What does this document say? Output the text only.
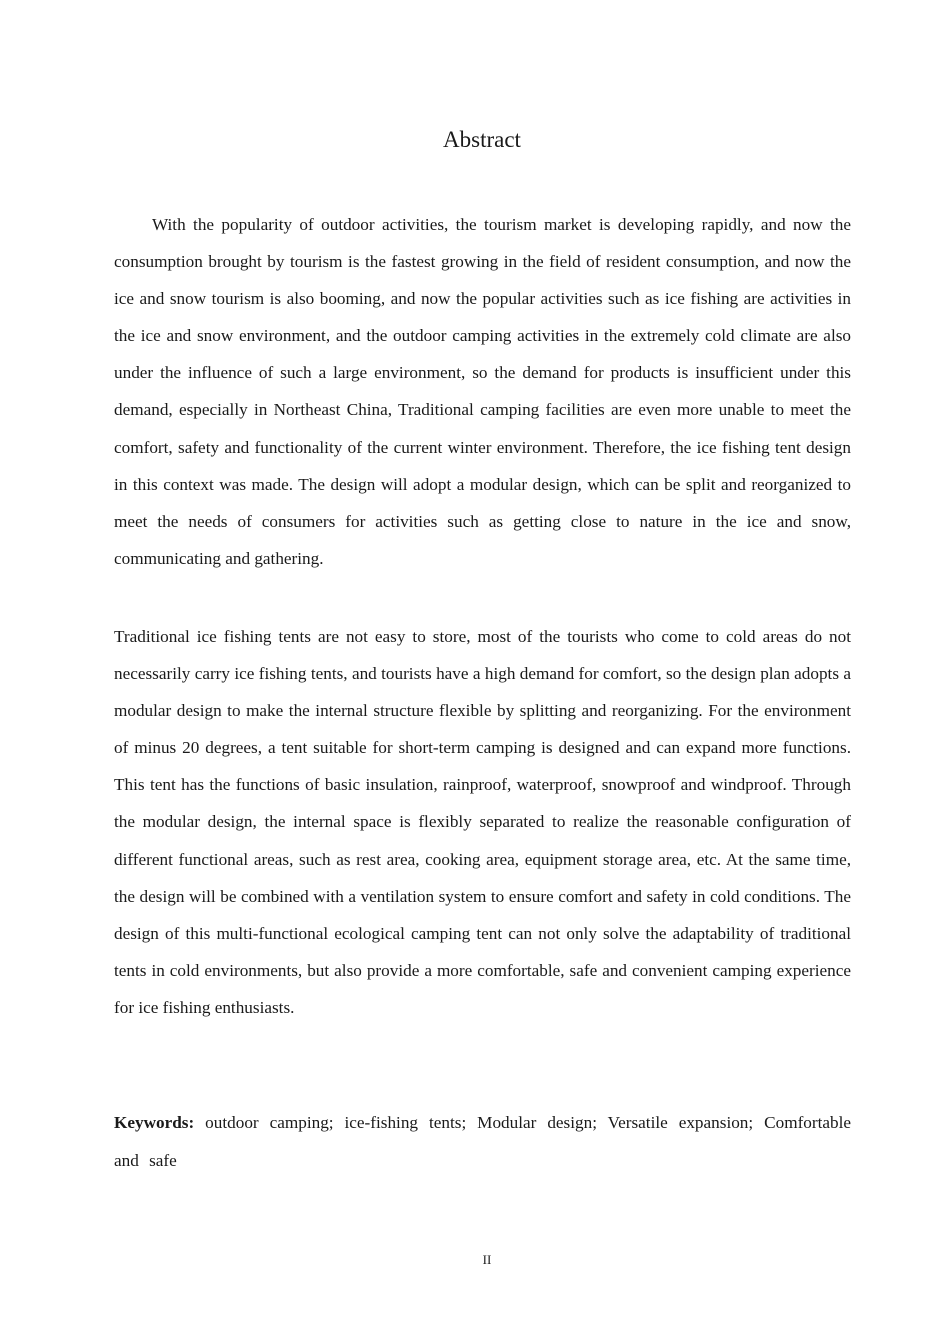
Abstract

With the popularity of outdoor activities, the tourism market is developing rapidly, and now the consumption brought by tourism is the fastest growing in the field of resident consumption, and now the ice and snow tourism is also booming, and now the popular activities such as ice fishing are activities in the ice and snow environment, and the outdoor camping activities in the extremely cold climate are also under the influence of such a large environment, so the demand for products is insufficient under this demand, especially in Northeast China, Traditional camping facilities are even more unable to meet the comfort, safety and functionality of the current winter environment. Therefore, the ice fishing tent design in this context was made. The design will adopt a modular design, which can be split and reorganized to meet the needs of consumers for activities such as getting close to nature in the ice and snow, communicating and gathering.

Traditional ice fishing tents are not easy to store, most of the tourists who come to cold areas do not necessarily carry ice fishing tents, and tourists have a high demand for comfort, so the design plan adopts a modular design to make the internal structure flexible by splitting and reorganizing. For the environment of minus 20 degrees, a tent suitable for short-term camping is designed and can expand more functions. This tent has the functions of basic insulation, rainproof, waterproof, snowproof and windproof. Through the modular design, the internal space is flexibly separated to realize the reasonable configuration of different functional areas, such as rest area, cooking area, equipment storage area, etc. At the same time, the design will be combined with a ventilation system to ensure comfort and safety in cold conditions. The design of this multi-functional ecological camping tent can not only solve the adaptability of traditional tents in cold environments, but also provide a more comfortable, safe and convenient camping experience for ice fishing enthusiasts.

Keywords: outdoor camping; ice-fishing tents; Modular design; Versatile expansion; Comfortable and safe

II
